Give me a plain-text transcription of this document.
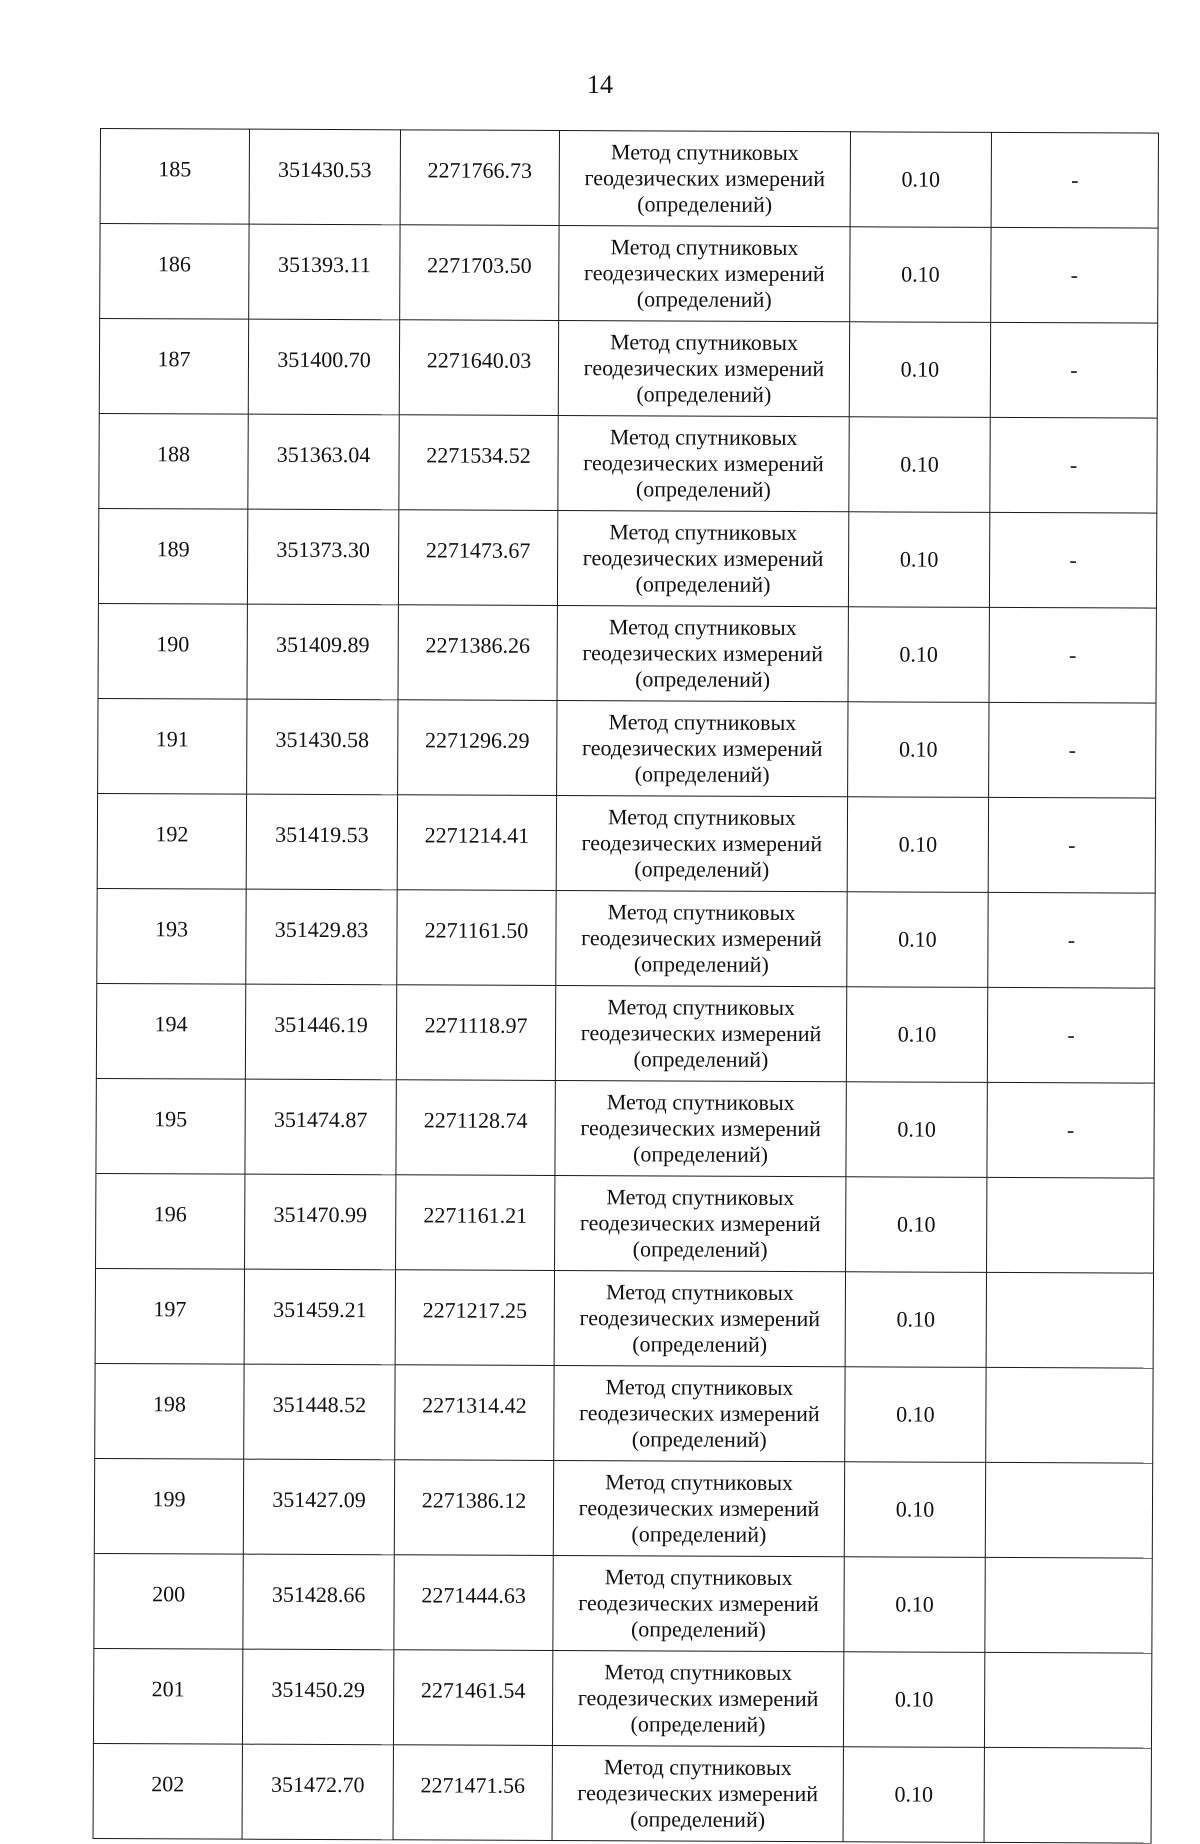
14
185	351430.53	2271766.73	Метод спутниковых
геодезических измерений
(определений)	0.10	-
186	351393.11	2271703.50	Метод спутниковых
геодезических измерений
(определений)	0.10	-
187	351400.70	2271640.03	Метод спутниковых
геодезических измерений
(определений)	0.10	-
188	351363.04	2271534.52	Метод спутниковых
геодезических измерений
(определений)	0.10	-
189	351373.30	2271473.67	Метод спутниковых
геодезических измерений
(определений)	0.10	-
190	351409.89	2271386.26	Метод спутниковых
геодезических измерений
(определений)	0.10	-
191	351430.58	2271296.29	Метод спутниковых
геодезических измерений
(определений)	0.10	-
192	351419.53	2271214.41	Метод спутниковых
геодезических измерений
(определений)	0.10	-
193	351429.83	2271161.50	Метод спутниковых
геодезических измерений
(определений)	0.10	-
194	351446.19	2271118.97	Метод спутниковых
геодезических измерений
(определений)	0.10	-
195	351474.87	2271128.74	Метод спутниковых
геодезических измерений
(определений)	0.10	-
196	351470.99	2271161.21	Метод спутниковых
геодезических измерений
(определений)	0.10	
197	351459.21	2271217.25	Метод спутниковых
геодезических измерений
(определений)	0.10	
198	351448.52	2271314.42	Метод спутниковых
геодезических измерений
(определений)	0.10	
199	351427.09	2271386.12	Метод спутниковых
геодезических измерений
(определений)	0.10	
200	351428.66	2271444.63	Метод спутниковых
геодезических измерений
(определений)	0.10	
201	351450.29	2271461.54	Метод спутниковых
геодезических измерений
(определений)	0.10	
202	351472.70	2271471.56	Метод спутниковых
геодезических измерений
(определений)	0.10	
